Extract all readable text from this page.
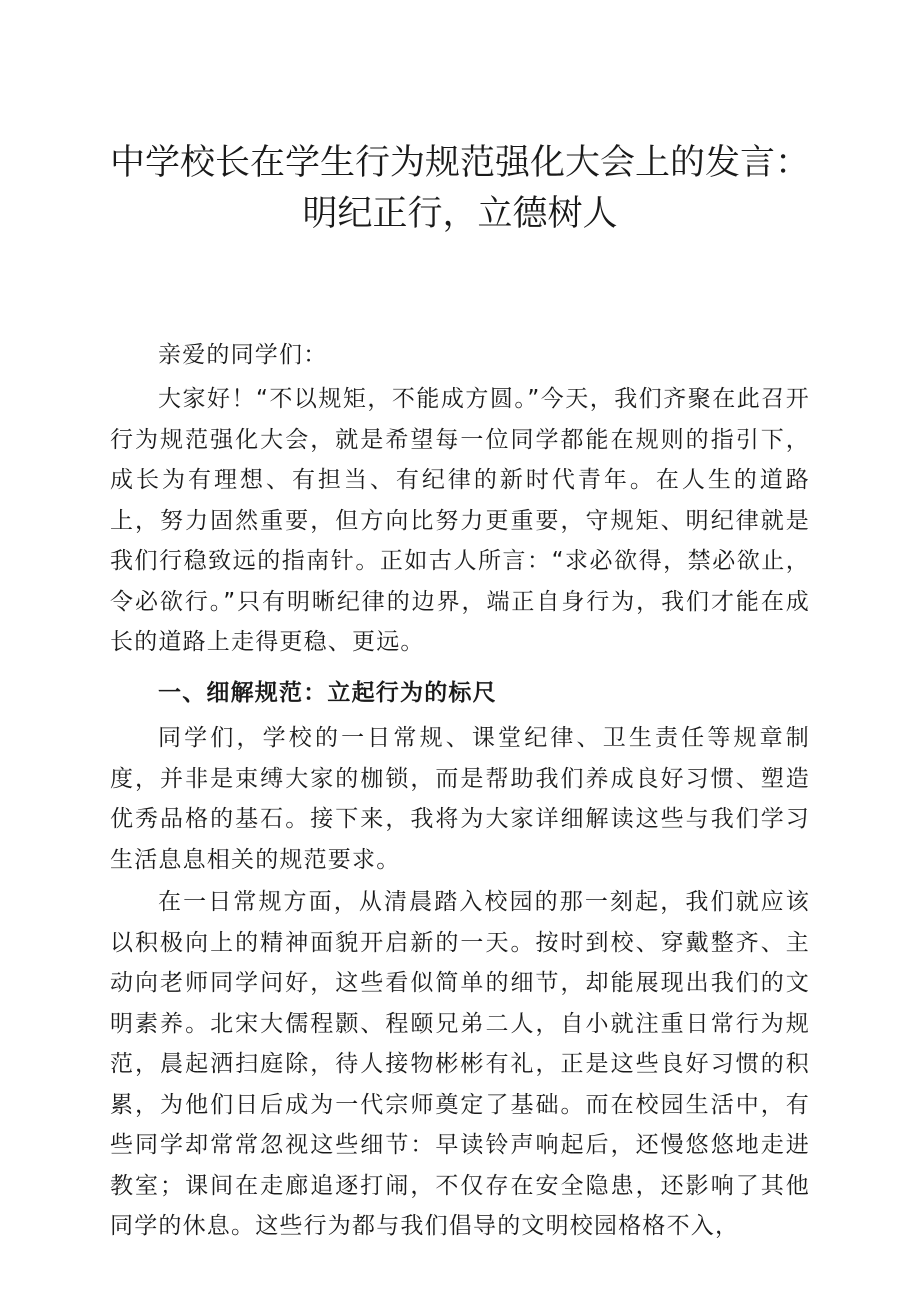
中学校长在学生行为规范强化大会上的发言：
明纪正行，立德树人

亲爱的同学们：

大家好！“不以规矩，不能成方圆。”今天，我们齐聚在此召开行为规范强化大会，就是希望每一位同学都能在规则的指引下，成长为有理想、有担当、有纪律的新时代青年。在人生的道路上，努力固然重要，但方向比努力更重要，守规矩、明纪律就是我们行稳致远的指南针。正如古人所言：“求必欲得，禁必欲止，令必欲行。”只有明晰纪律的边界，端正自身行为，我们才能在成长的道路上走得更稳、更远。

一、细解规范：立起行为的标尺

同学们，学校的一日常规、课堂纪律、卫生责任等规章制度，并非是束缚大家的枷锁，而是帮助我们养成良好习惯、塑造优秀品格的基石。接下来，我将为大家详细解读这些与我们学习生活息息相关的规范要求。

在一日常规方面，从清晨踏入校园的那一刻起，我们就应该以积极向上的精神面貌开启新的一天。按时到校、穿戴整齐、主动向老师同学问好，这些看似简单的细节，却能展现出我们的文明素养。北宋大儒程颢、程颐兄弟二人，自小就注重日常行为规范，晨起洒扫庭除，待人接物彬彬有礼，正是这些良好习惯的积累，为他们日后成为一代宗师奠定了基础。而在校园生活中，有些同学却常常忽视这些细节：早读铃声响起后，还慢悠悠地走进教室；课间在走廊追逐打闹，不仅存在安全隐患，还影响了其他同学的休息。这些行为都与我们倡导的文明校园格格不入，
